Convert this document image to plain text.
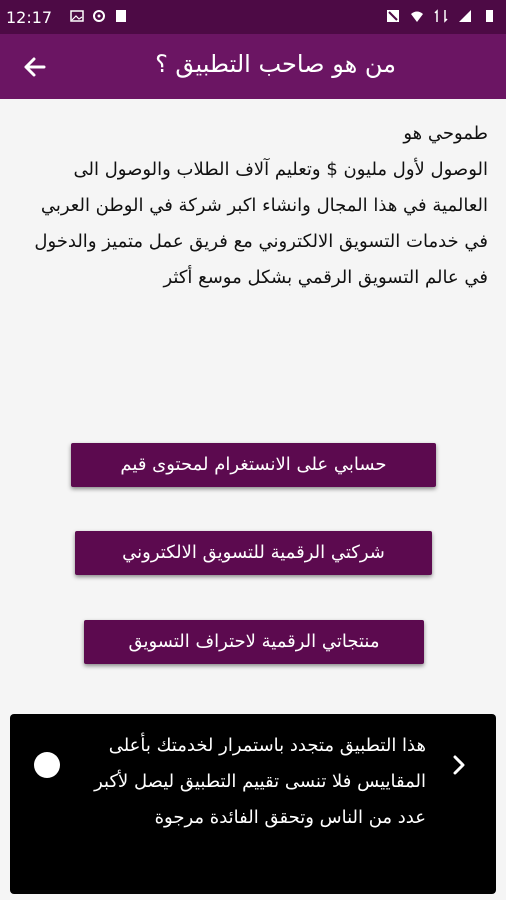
12:17
من هو صاحب التطبيق ؟
طموحي هو
الوصول لأول مليون $ وتعليم آلاف الطلاب والوصول الى العالمية في هذا المجال وانشاء اكبر شركة في الوطن العربي في خدمات التسويق الالكتروني مع فريق عمل متميز والدخول في عالم التسويق الرقمي بشكل موسع أكثر
حسابي على الانستغرام لمحتوى قيم
شركتي الرقمية للتسويق الالكتروني
منتجاتي الرقمية لاحتراف التسويق
هذا التطبيق متجدد باستمرار لخدمتك بأعلى المقاييس فلا تنسى تقييم التطبيق ليصل لأكبر عدد من الناس وتحقق الفائدة مرجوة
